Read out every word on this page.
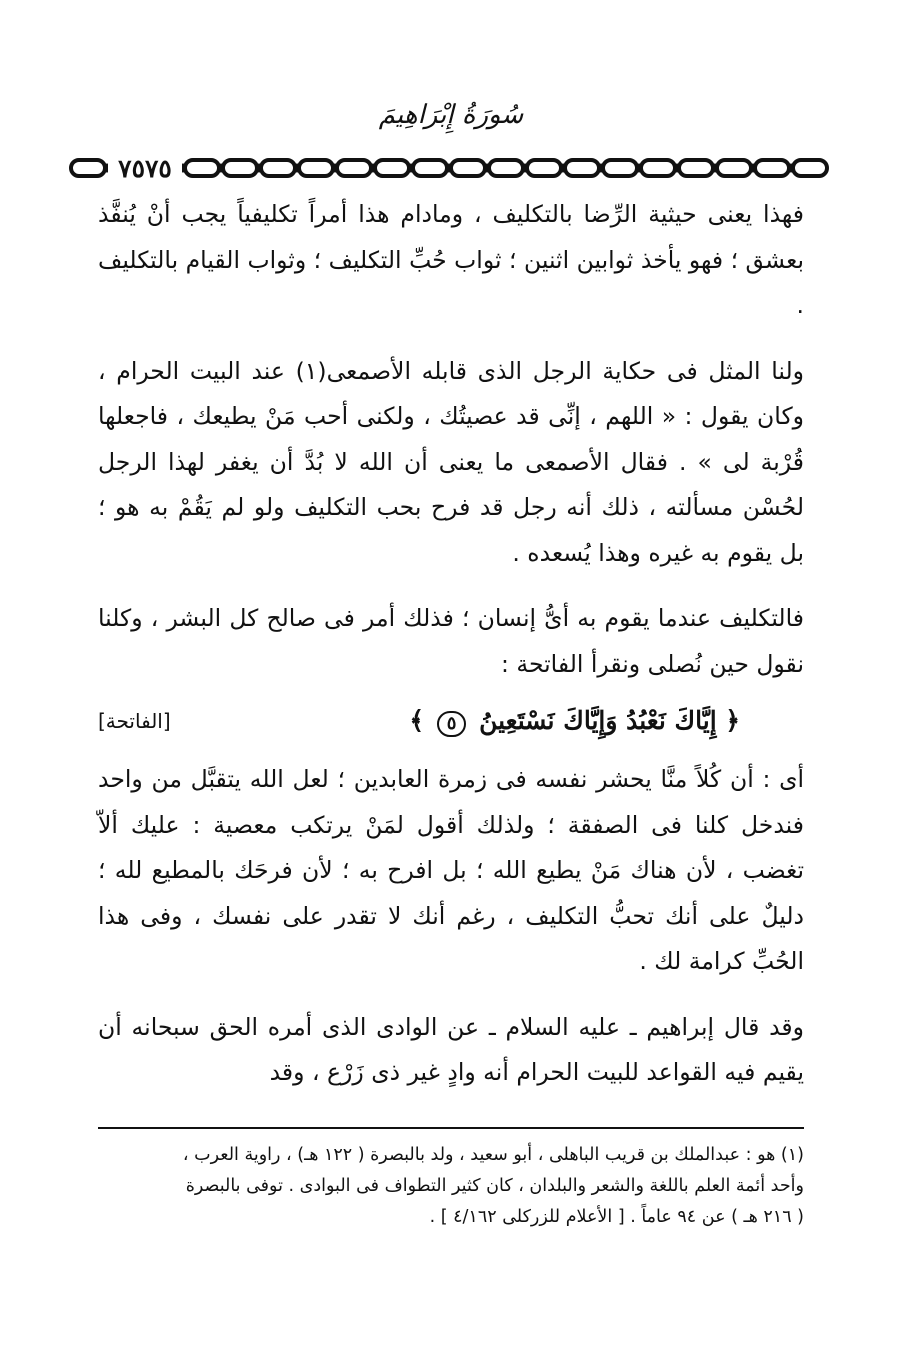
سُورَةُ إِبْرَاهِيمَ
٧٥٧٥

فهذا يعنى حيثية الرِّضا بالتكليف ، ومادام هذا أمراً تكليفياً يجب أنْ يُنفَّذ بعشق ؛ فهو يأخذ ثوابين اثنين ؛ ثواب حُبِّ التكليف ؛ وثواب القيام بالتكليف .

ولنا المثل فى حكاية الرجل الذى قابله الأصمعى(١) عند البيت الحرام ، وكان يقول : « اللهم ، إنِّى قد عصيتُك ، ولكنى أحب مَنْ يطيعك ، فاجعلها قُرْبة لى » . فقال الأصمعى ما يعنى أن الله لا بُدَّ أن يغفر لهذا الرجل لحُسْن مسألته ، ذلك أنه رجل قد فرح بحب التكليف ولو لم يَقُمْ به هو ؛ بل يقوم به غيره وهذا يُسعده .

فالتكليف عندما يقوم به أىُّ إنسان ؛ فذلك أمر فى صالح كل البشر ، وكلنا نقول حين نُصلى ونقرأ الفاتحة :

﴿ إِيَّاكَ نَعْبُدُ وَإِيَّاكَ نَسْتَعِينُ ٥ ﴾
[الفاتحة]

أى : أن كُلاً منَّا يحشر نفسه فى زمرة العابدين ؛ لعل الله يتقبَّل من واحد فندخل كلنا فى الصفقة ؛ ولذلك أقول لمَنْ يرتكب معصية : عليك ألاّ تغضب ، لأن هناك مَنْ يطيع الله ؛ بل افرح به ؛ لأن فرحَك بالمطيع لله ؛ دليلٌ على أنك تحبُّ التكليف ، رغم أنك لا تقدر على نفسك ، وفى هذا الحُبِّ كرامة لك .

وقد قال إبراهيم ـ عليه السلام ـ عن الوادى الذى أمره الحق سبحانه أن يقيم فيه القواعد للبيت الحرام أنه وادٍ غير ذى زَرْع ، وقد

(١) هو : عبدالملك بن قريب الباهلى ، أبو سعيد ، ولد بالبصرة ( ١٢٢ هـ) ، راوية العرب ،

وأحد أئمة العلم باللغة والشعر والبلدان ، كان كثير التطواف فى البوادى . توفى بالبصرة

( ٢١٦ هـ ) عن ٩٤ عاماً . [ الأعلام للزركلى ٤/١٦٢ ] .
